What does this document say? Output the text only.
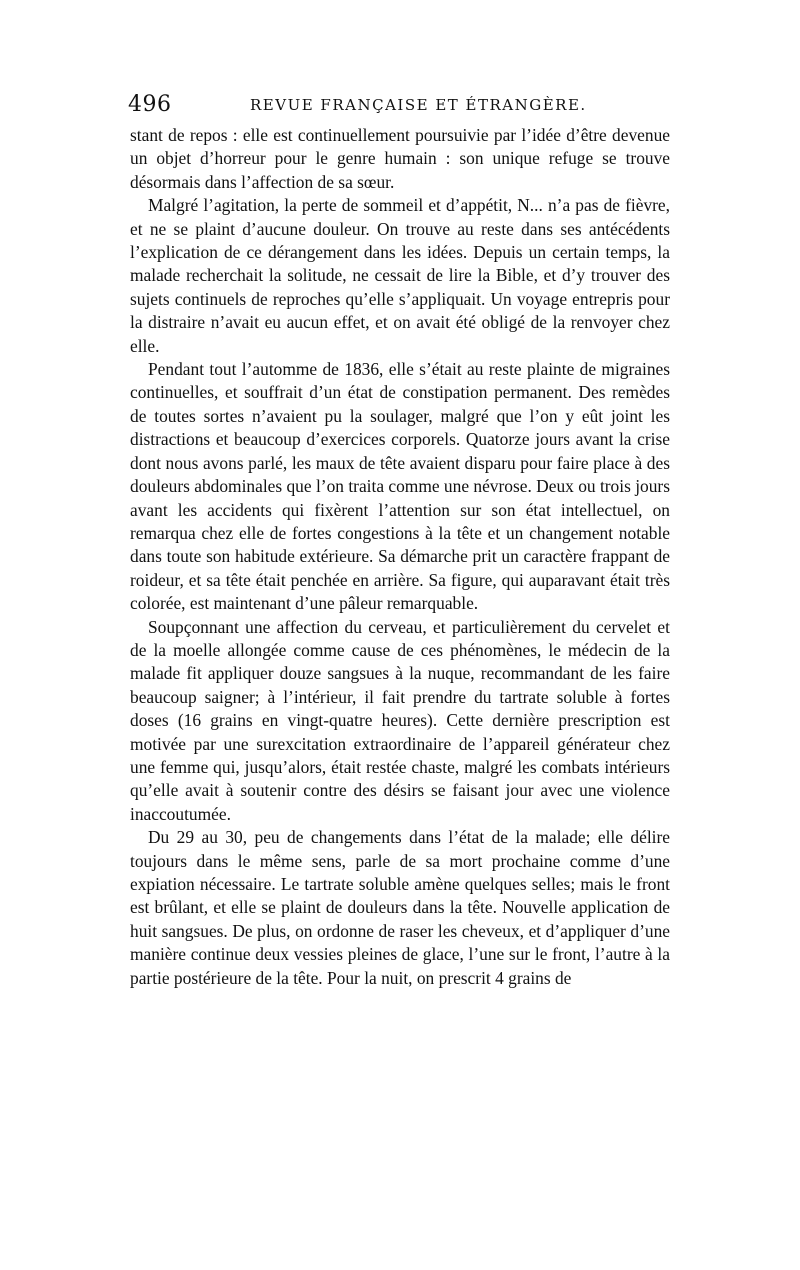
496	REVUE FRANÇAISE ET ÉTRANGÈRE.

stant de repos : elle est continuellement poursuivie par l’idée d’être devenue un objet d’horreur pour le genre humain : son unique refuge se trouve désormais dans l’affection de sa sœur.

Malgré l’agitation, la perte de sommeil et d’appétit, N... n’a pas de fièvre, et ne se plaint d’aucune douleur. On trouve au reste dans ses antécédents l’explication de ce dérangement dans les idées. Depuis un certain temps, la malade recherchait la solitude, ne cessait de lire la Bible, et d’y trouver des sujets continuels de reproches qu’elle s’appliquait. Un voyage entrepris pour la distraire n’avait eu aucun effet, et on avait été obligé de la renvoyer chez elle.

Pendant tout l’automme de 1836, elle s’était au reste plainte de migraines continuelles, et souffrait d’un état de constipation permanent. Des remèdes de toutes sortes n’avaient pu la soulager, malgré que l’on y eût joint les distractions et beaucoup d’exercices corporels. Quatorze jours avant la crise dont nous avons parlé, les maux de tête avaient disparu pour faire place à des douleurs abdominales que l’on traita comme une névrose. Deux ou trois jours avant les accidents qui fixèrent l’attention sur son état intellectuel, on remarqua chez elle de fortes congestions à la tête et un changement notable dans toute son habitude extérieure. Sa démarche prit un caractère frappant de roideur, et sa tête était penchée en arrière. Sa figure, qui auparavant était très colorée, est maintenant d’une pâleur remarquable.

Soupçonnant une affection du cerveau, et particulièrement du cervelet et de la moelle allongée comme cause de ces phénomènes, le médecin de la malade fit appliquer douze sangsues à la nuque, recommandant de les faire beaucoup saigner; à l’intérieur, il fait prendre du tartrate soluble à fortes doses (16 grains en vingt-quatre heures). Cette dernière prescription est motivée par une surexcitation extraordinaire de l’appareil générateur chez une femme qui, jusqu’alors, était restée chaste, malgré les combats intérieurs qu’elle avait à soutenir contre des désirs se faisant jour avec une violence inaccoutumée.

Du 29 au 30, peu de changements dans l’état de la malade; elle délire toujours dans le même sens, parle de sa mort prochaine comme d’une expiation nécessaire. Le tartrate soluble amène quelques selles; mais le front est brûlant, et elle se plaint de douleurs dans la tête. Nouvelle application de huit sangsues. De plus, on ordonne de raser les cheveux, et d’appliquer d’une manière continue deux vessies pleines de glace, l’une sur le front, l’autre à la partie postérieure de la tête. Pour la nuit, on prescrit 4 grains de
